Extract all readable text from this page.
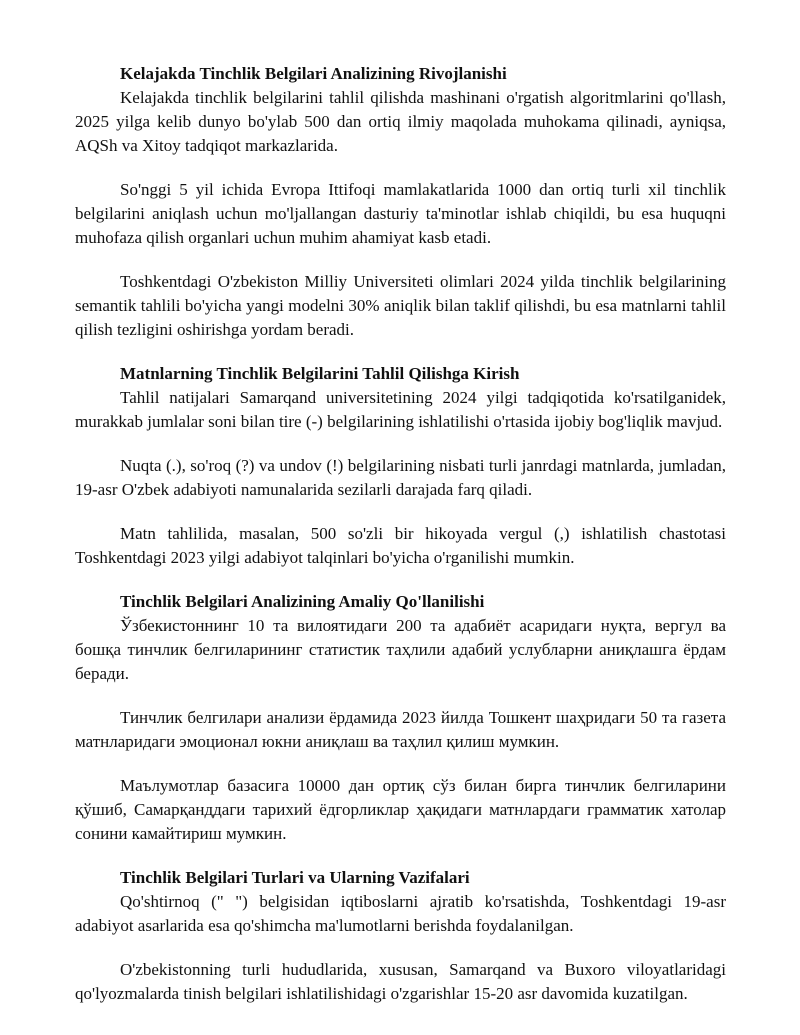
Kelajakda Tinchlik Belgilari Analizining Rivojlanishi

Kelajakda tinchlik belgilarini tahlil qilishda mashinani o'rgatish algoritmlarini qo'llash, 2025 yilga kelib dunyo bo'ylab 500 dan ortiq ilmiy maqolada muhokama qilinadi, ayniqsa, AQSh va Xitoy tadqiqot markazlarida.

So'nggi 5 yil ichida Evropa Ittifoqi mamlakatlarida 1000 dan ortiq turli xil tinchlik belgilarini aniqlash uchun mo'ljallangan dasturiy ta'minotlar ishlab chiqildi, bu esa huquqni muhofaza qilish organlari uchun muhim ahamiyat kasb etadi.

Toshkentdagi O'zbekiston Milliy Universiteti olimlari 2024 yilda tinchlik belgilarining semantik tahlili bo'yicha yangi modelni 30% aniqlik bilan taklif qilishdi, bu esa matnlarni tahlil qilish tezligini oshirishga yordam beradi.

Matnlarning Tinchlik Belgilarini Tahlil Qilishga Kirish

Tahlil natijalari Samarqand universitetining 2024 yilgi tadqiqotida ko'rsatilganidek, murakkab jumlalar soni bilan tire (-) belgilarining ishlatilishi o'rtasida ijobiy bog'liqlik mavjud.

Nuqta (.), so'roq (?) va undov (!) belgilarining nisbati turli janrdagi matnlarda, jumladan, 19-asr O'zbek adabiyoti namunalarida sezilarli darajada farq qiladi.

Matn tahlilida, masalan, 500 so'zli bir hikoyada vergul (,) ishlatilish chastotasi Toshkentdagi 2023 yilgi adabiyot talqinlari bo'yicha o'rganilishi mumkin.

Tinchlik Belgilari Analizining Amaliy Qo'llanilishi

Ўзбекистоннинг 10 та вилоятидаги 200 та адабиёт асаридаги нуқта, вергул ва бошқа тинчлик белгиларининг статистик таҳлили адабий услубларни аниқлашга ёрдам беради.

Тинчлик белгилари анализи ёрдамида 2023 йилда Тошкент шаҳридаги 50 та газета матнларидаги эмоционал юкни аниқлаш ва таҳлил қилиш мумкин.

Маълумотлар базасига 10000 дан ортиқ сўз билан бирга тинчлик белгиларини қўшиб, Самарқанддаги тарихий ёдгорликлар ҳақидаги матнлардаги грамматик хатолар сонини камайтириш мумкин.

Tinchlik Belgilari Turlari va Ularning Vazifalari

Qo'shtirnoq (" ") belgisidan iqtiboslarni ajratib ko'rsatishda, Toshkentdagi 19-asr adabiyot asarlarida esa qo'shimcha ma'lumotlarni berishda foydalanilgan.

O'zbekistonning turli hududlarida, xususan, Samarqand va Buxoro viloyatlaridagi qo'lyozmalarda tinish belgilari ishlatilishidagi o'zgarishlar 15-20 asr davomida kuzatilgan.
